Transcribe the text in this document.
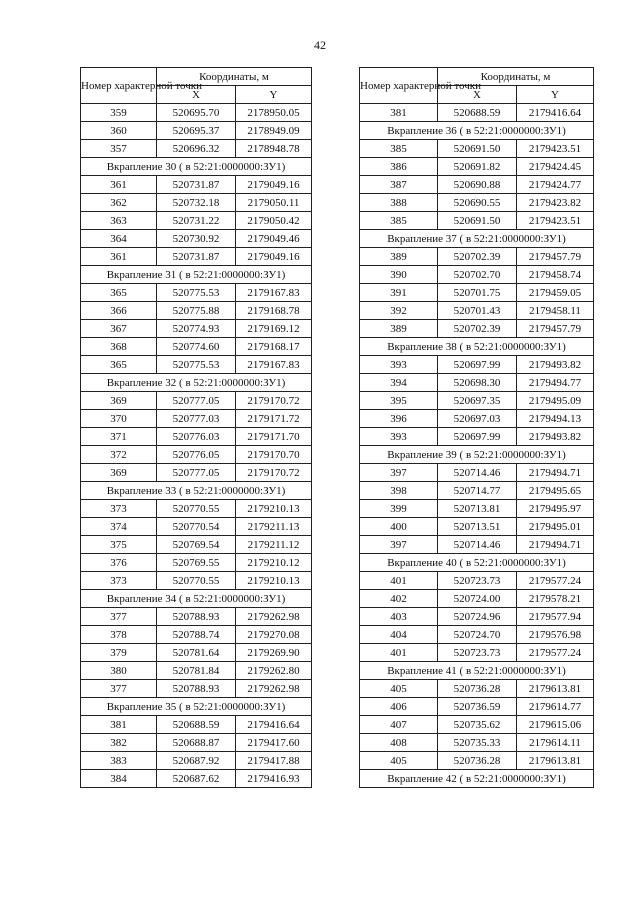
42
Номер характерной точки	Координаты, м	
	X	Y
359	520695.70	2178950.05
360	520695.37	2178949.09
357	520696.32	2178948.78
Вкрапление 30 ( в 52:21:0000000:ЗУ1)		
361	520731.87	2179049.16
362	520732.18	2179050.11
363	520731.22	2179050.42
364	520730.92	2179049.46
361	520731.87	2179049.16
Вкрапление 31 ( в 52:21:0000000:ЗУ1)		
365	520775.53	2179167.83
366	520775.88	2179168.78
367	520774.93	2179169.12
368	520774.60	2179168.17
365	520775.53	2179167.83
Вкрапление 32 ( в 52:21:0000000:ЗУ1)		
369	520777.05	2179170.72
370	520777.03	2179171.72
371	520776.03	2179171.70
372	520776.05	2179170.70
369	520777.05	2179170.72
Вкрапление 33 ( в 52:21:0000000:ЗУ1)		
373	520770.55	2179210.13
374	520770.54	2179211.13
375	520769.54	2179211.12
376	520769.55	2179210.12
373	520770.55	2179210.13
Вкрапление 34 ( в 52:21:0000000:ЗУ1)		
377	520788.93	2179262.98
378	520788.74	2179270.08
379	520781.64	2179269.90
380	520781.84	2179262.80
377	520788.93	2179262.98
Вкрапление 35 ( в 52:21:0000000:ЗУ1)		
381	520688.59	2179416.64
382	520688.87	2179417.60
383	520687.92	2179417.88
384	520687.62	2179416.93
Номер характерной точки	Координаты, м	
	X	Y
381	520688.59	2179416.64
Вкрапление 36 ( в 52:21:0000000:ЗУ1)		
385	520691.50	2179423.51
386	520691.82	2179424.45
387	520690.88	2179424.77
388	520690.55	2179423.82
385	520691.50	2179423.51
Вкрапление 37 ( в 52:21:0000000:ЗУ1)		
389	520702.39	2179457.79
390	520702.70	2179458.74
391	520701.75	2179459.05
392	520701.43	2179458.11
389	520702.39	2179457.79
Вкрапление 38 ( в 52:21:0000000:ЗУ1)		
393	520697.99	2179493.82
394	520698.30	2179494.77
395	520697.35	2179495.09
396	520697.03	2179494.13
393	520697.99	2179493.82
Вкрапление 39 ( в 52:21:0000000:ЗУ1)		
397	520714.46	2179494.71
398	520714.77	2179495.65
399	520713.81	2179495.97
400	520713.51	2179495.01
397	520714.46	2179494.71
Вкрапление 40 ( в 52:21:0000000:ЗУ1)		
401	520723.73	2179577.24
402	520724.00	2179578.21
403	520724.96	2179577.94
404	520724.70	2179576.98
401	520723.73	2179577.24
Вкрапление 41 ( в 52:21:0000000:ЗУ1)		
405	520736.28	2179613.81
406	520736.59	2179614.77
407	520735.62	2179615.06
408	520735.33	2179614.11
405	520736.28	2179613.81
Вкрапление 42 ( в 52:21:0000000:ЗУ1)		
